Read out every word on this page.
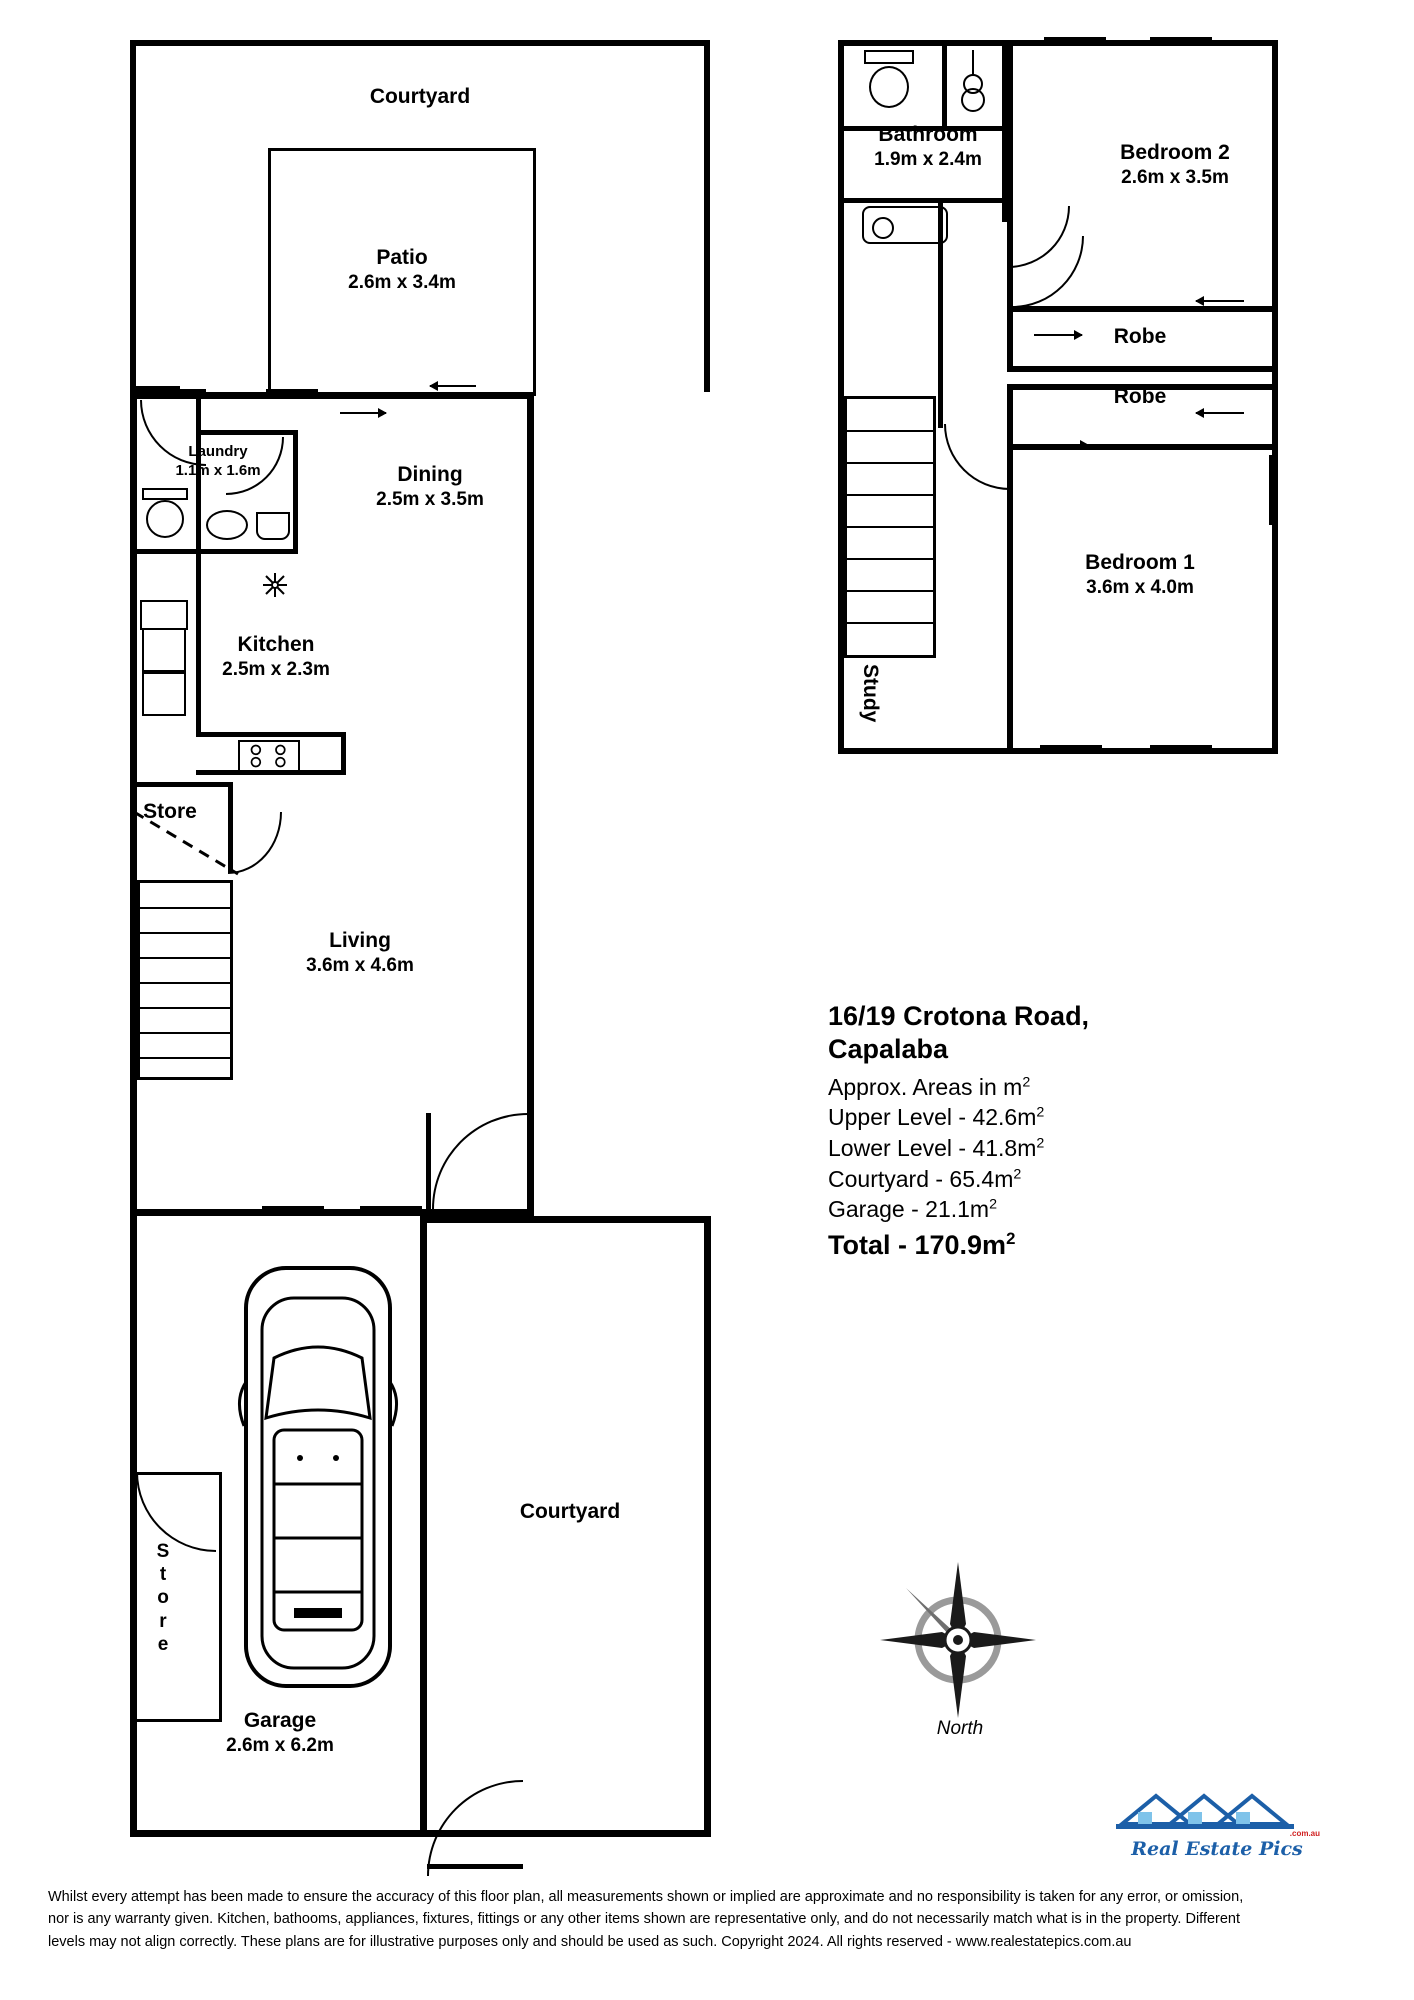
Courtyard
Patio
2.6m x 3.4m
Laundry
1.1m x 1.6m	Dining
2.5m x 3.5m
Kitchen
2.5m x 2.3m
Store
Living
3.6m x 4.6m
Courtyard
S
t
o
r
e
Garage
2.6m x 6.2m
Bathroom
1.9m x 2.4m	Bedroom 2
2.6m x 3.5m
Robe
Robe
Bedroom 1
3.6m x 4.0m
Study
16/19 Crotona Road,
Capalaba
Approx. Areas in $m^2$
Upper Level - $42.6m^2$
Lower Level - $41.8m^2$
Courtyard - $65.4m^2$
Garage - $21.1m^2$
Total - $170.9m^2$
North
Real Estate Pics
.com.au
Whilst every attempt has been made to ensure the accuracy of this floor plan, all measurements shown or implied are approximate and no responsibility is taken for any error, or omission,
nor is any warranty given. Kitchen, bathooms, appliances, fixtures, fittings or any other items shown are representative only, and do not necessarily match what is in the property. Different
levels may not align correctly. These plans are for illustrative purposes only and should be used as such. Copyright 2024. All rights reserved - www.realestatepics.com.au
